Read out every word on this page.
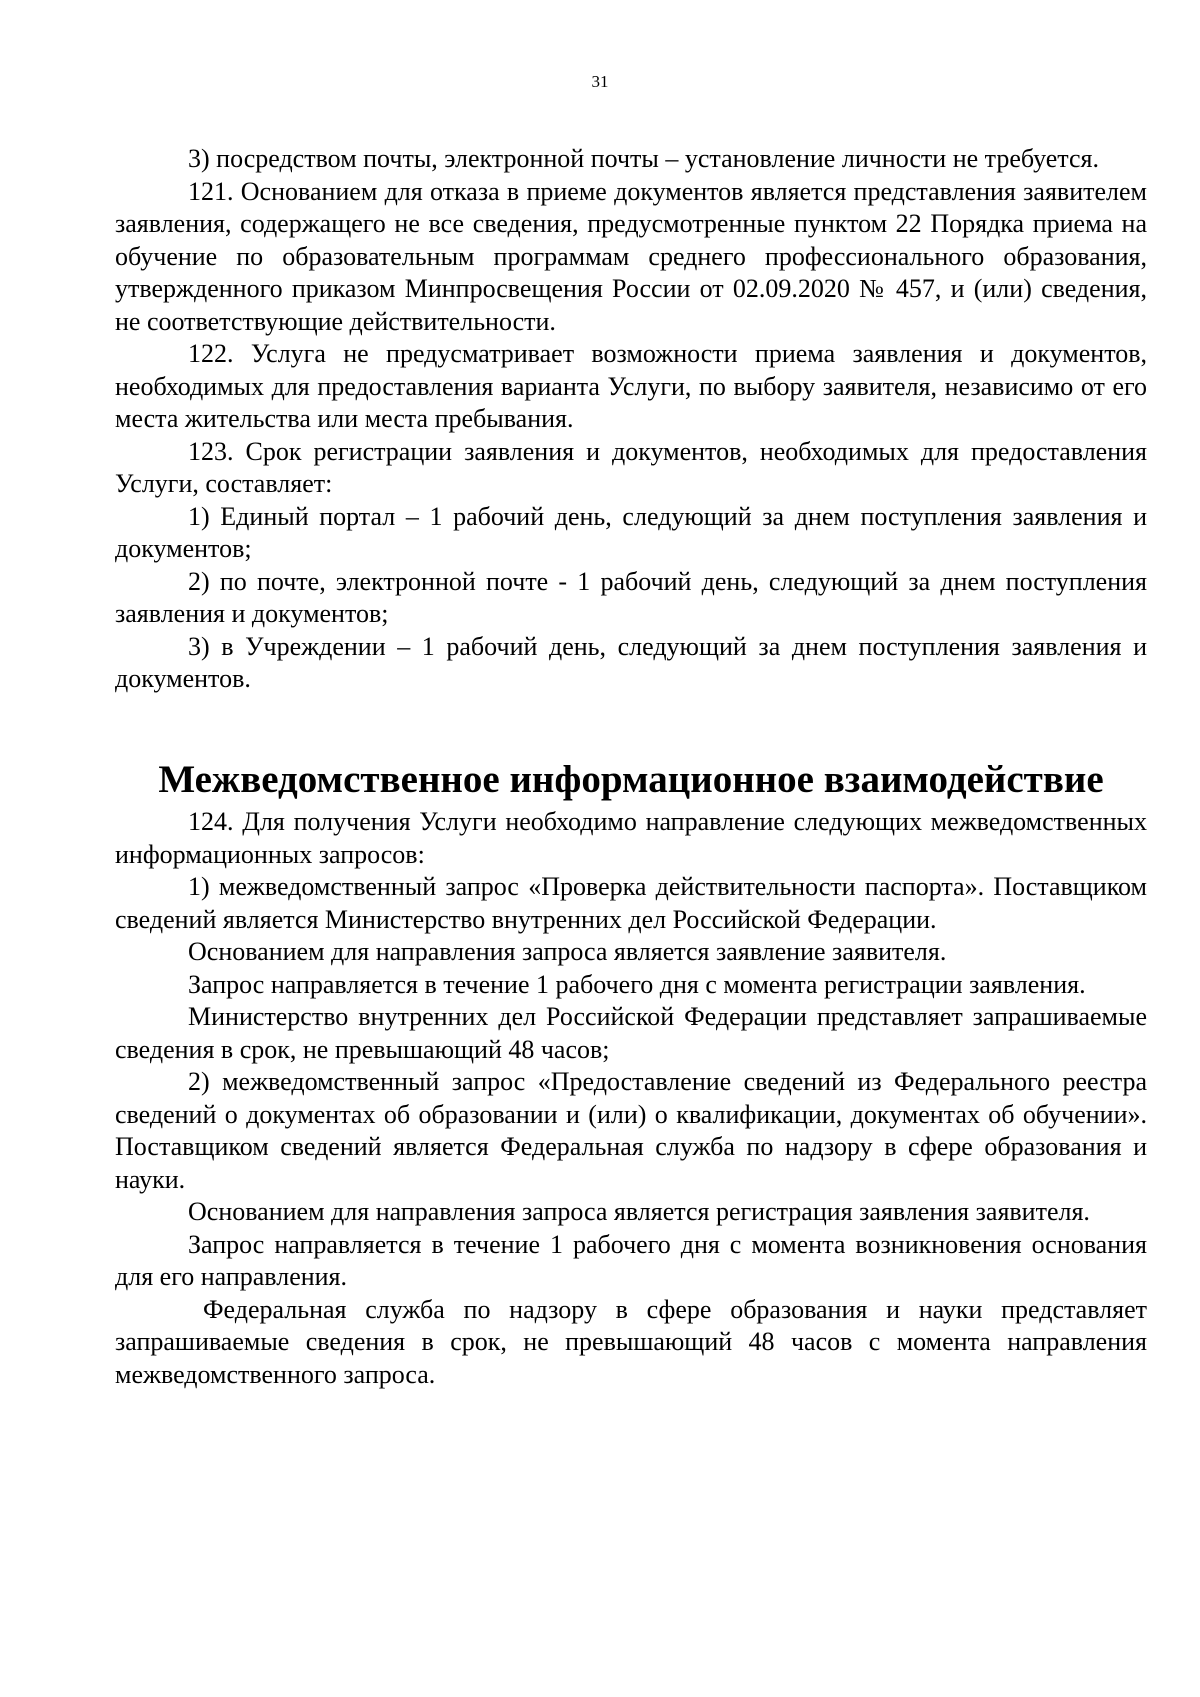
31

3) посредством почты, электронной почты – установление личности не требуется.

121. Основанием для отказа в приеме документов является представления заявителем заявления, содержащего не все сведения, предусмотренные пунктом 22 Порядка приема на обучение по образовательным программам среднего профессионального образования, утвержденного приказом Минпросвещения России от 02.09.2020 № 457, и (или) сведения, не соответствующие действительности.

122. Услуга не предусматривает возможности приема заявления и документов, необходимых для предоставления варианта Услуги, по выбору заявителя, независимо от его места жительства или места пребывания.

123. Срок регистрации заявления и документов, необходимых для предоставления Услуги, составляет:

1) Единый портал – 1 рабочий день, следующий за днем поступления заявления и документов;

2) по почте, электронной почте - 1 рабочий день, следующий за днем поступления заявления и документов;

3) в Учреждении – 1 рабочий день, следующий за днем поступления заявления и документов.

Межведомственное информационное взаимодействие

124. Для получения Услуги необходимо направление следующих межведомственных информационных запросов:

1) межведомственный запрос «Проверка действительности паспорта». Поставщиком сведений является Министерство внутренних дел Российской Федерации.

Основанием для направления запроса является заявление заявителя.

Запрос направляется в течение 1 рабочего дня с момента регистрации заявления.

Министерство внутренних дел Российской Федерации представляет запрашиваемые сведения в срок, не превышающий 48 часов;

2) межведомственный запрос «Предоставление сведений из Федерального реестра сведений о документах об образовании и (или) о квалификации, документах об обучении». Поставщиком сведений является Федеральная служба по надзору в сфере образования и науки.

Основанием для направления запроса является регистрация заявления заявителя.

Запрос направляется в течение 1 рабочего дня с момента возникновения основания для его направления.

Федеральная служба по надзору в сфере образования и науки представляет запрашиваемые сведения в срок, не превышающий 48 часов с момента направления межведомственного запроса.
